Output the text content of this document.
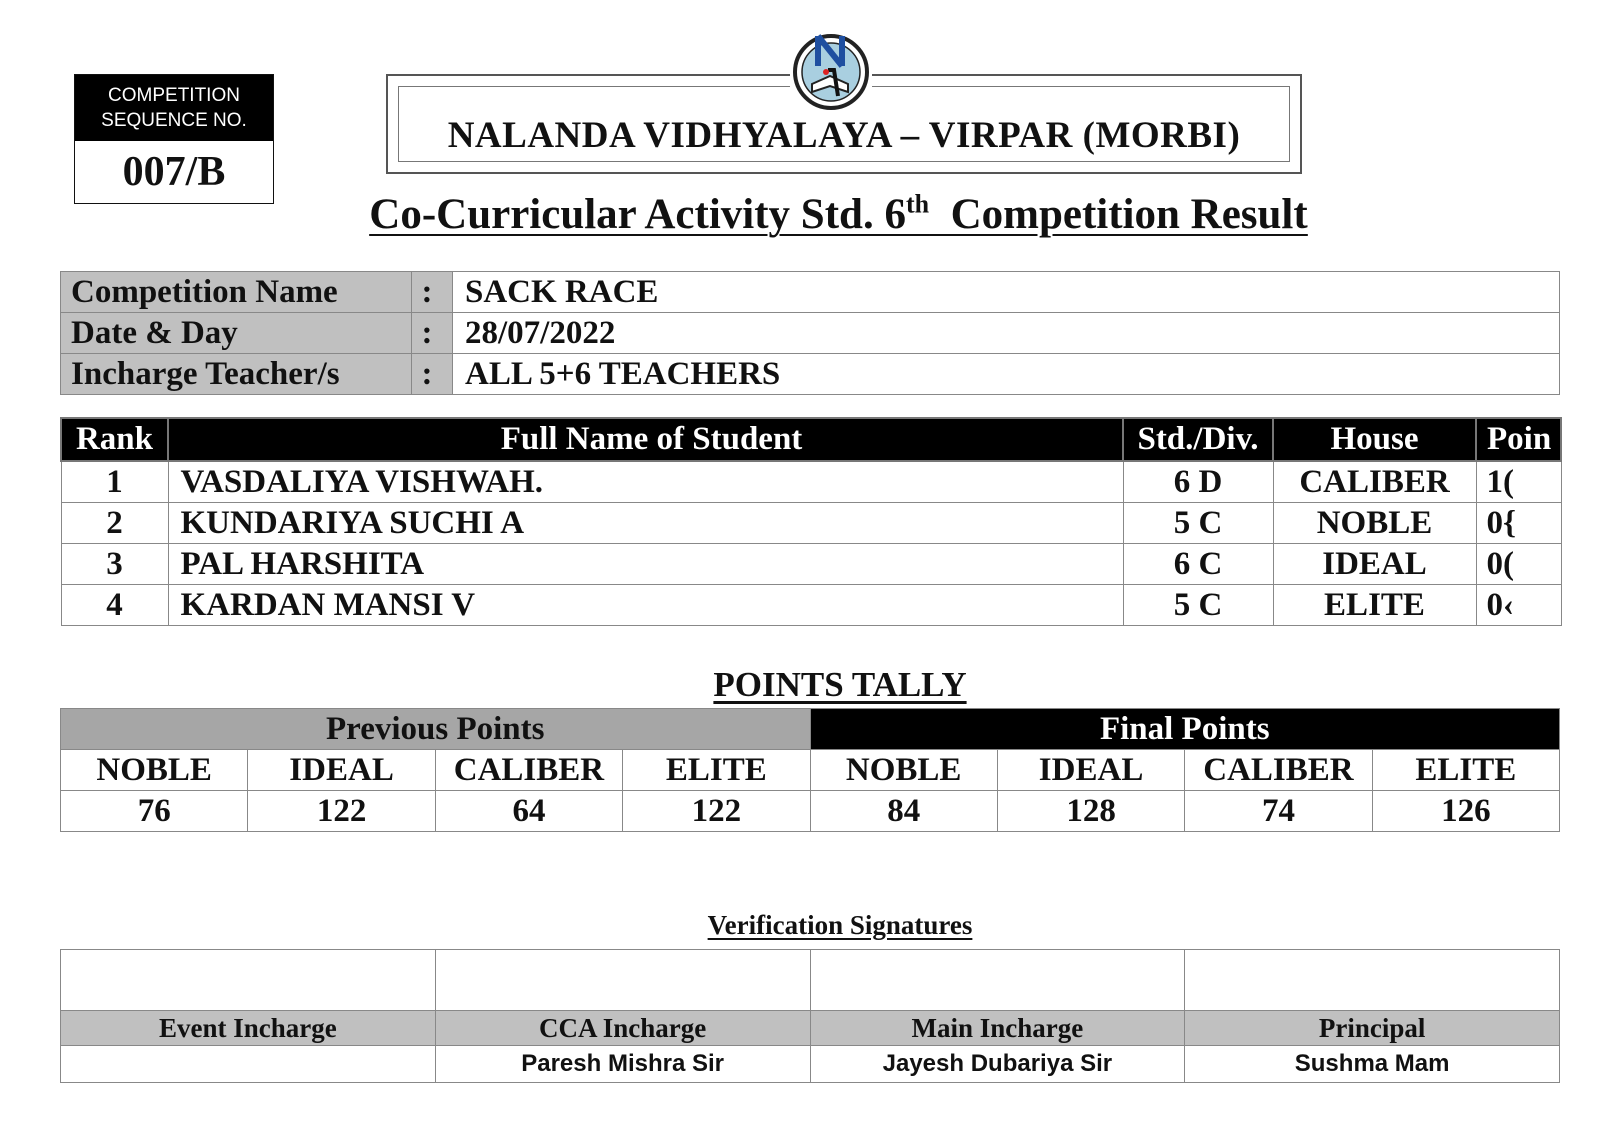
COMPETITION
SEQUENCE NO.
007/B
NALANDA VIDHYALAYA – VIRPAR (MORBI)
Co-Curricular Activity Std. 6th  Competition Result
Competition Name	:	SACK RACE
Date & Day	:	28/07/2022
Incharge Teacher/s	:	ALL 5+6 TEACHERS
Rank	Full Name of Student	Std./Div.	House	Poin
1	VASDALIYA VISHWAH.	6 D	CALIBER	1(
2	KUNDARIYA SUCHI A	5 C	NOBLE	0{
3	PAL HARSHITA	6 C	IDEAL	0(
4	KARDAN MANSI V	5 C	ELITE	0‹
POINTS TALLY
Previous Points				Final Points			
NOBLE	IDEAL	CALIBER	ELITE	NOBLE	IDEAL	CALIBER	ELITE
76	122	64	122	84	128	74	126
Verification Signatures

Event Incharge	CCA Incharge	Main Incharge	Principal
	Paresh Mishra Sir	Jayesh Dubariya Sir	Sushma Mam
